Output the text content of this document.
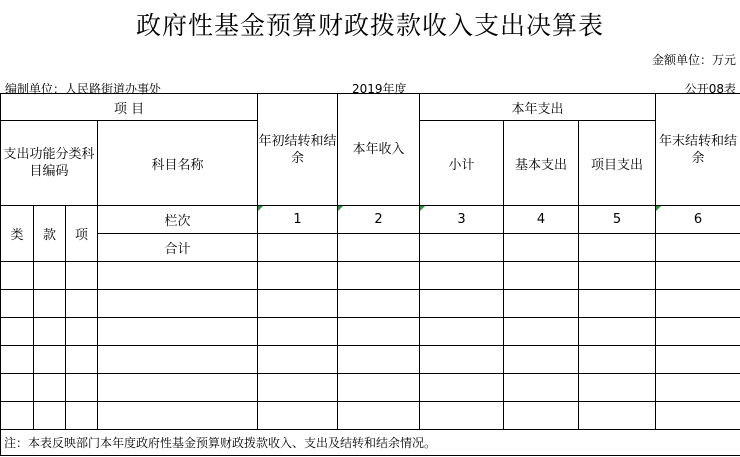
政府性基金预算财政拨款收入支出决算表
金额单位：万元
编制单位：人民路街道办事处	2019年度	公开08表
项 目				年初结转和结余	本年收入	本年支出			年末结转和结余
支出功能分类科目编码			科目名称			小计	基本支出	项目支出	
类	款	项	栏次	1	2	3	4	5	6
			合计						

注：本表反映部门本年度政府性基金预算财政拨款收入、支出及结转和结余情况。									
